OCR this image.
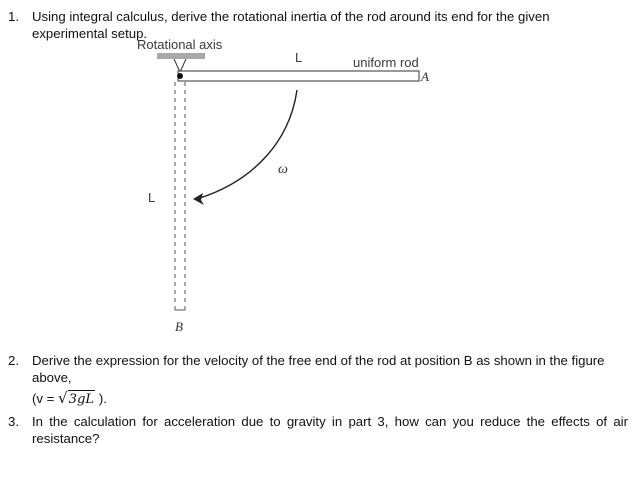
1. Using integral calculus, derive the rotational inertia of the rod around its end for the given experimental setup.
Rotational axis
L	uniform rod
A
B
L
ω
2. Derive the expression for the velocity of the free end of the rod at position B as shown in the figure above,
(v = √3gL ).
3. In the calculation for acceleration due to gravity in part 3, how can you reduce the effects of air resistance?
